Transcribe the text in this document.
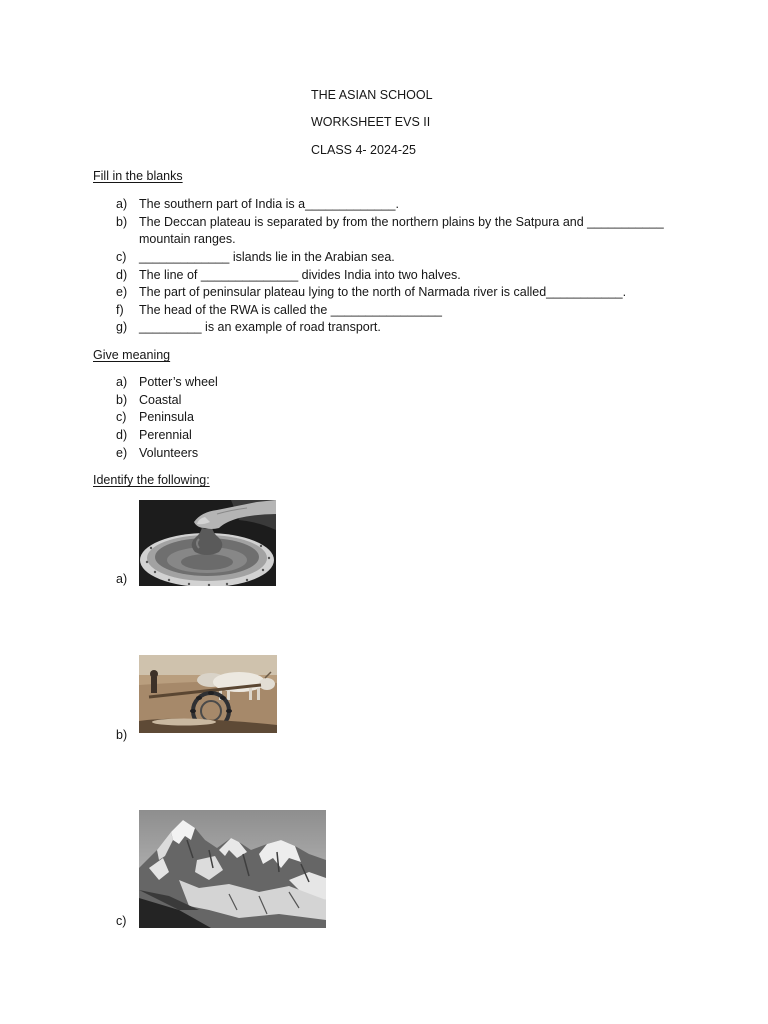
THE ASIAN SCHOOL
WORKSHEET EVS II
CLASS 4- 2024-25
Fill in the blanks
a) The southern part of India is a_____________.
b) The Deccan plateau is separated by from the northern plains by the Satpura and ___________ mountain ranges.
c)	_____________ islands lie in the Arabian sea.
d) The line of ______________ divides India into two halves.
e) The part of peninsular plateau lying to the north of Narmada river is called___________.
f)	The head of the RWA is called the ________________
g) _________ is an example of road transport.
Give meaning
a) Potter’s wheel
b) Coastal
c)	Peninsula
d) Perennial
e) Volunteers
Identify the following:
a)
b)
c)
